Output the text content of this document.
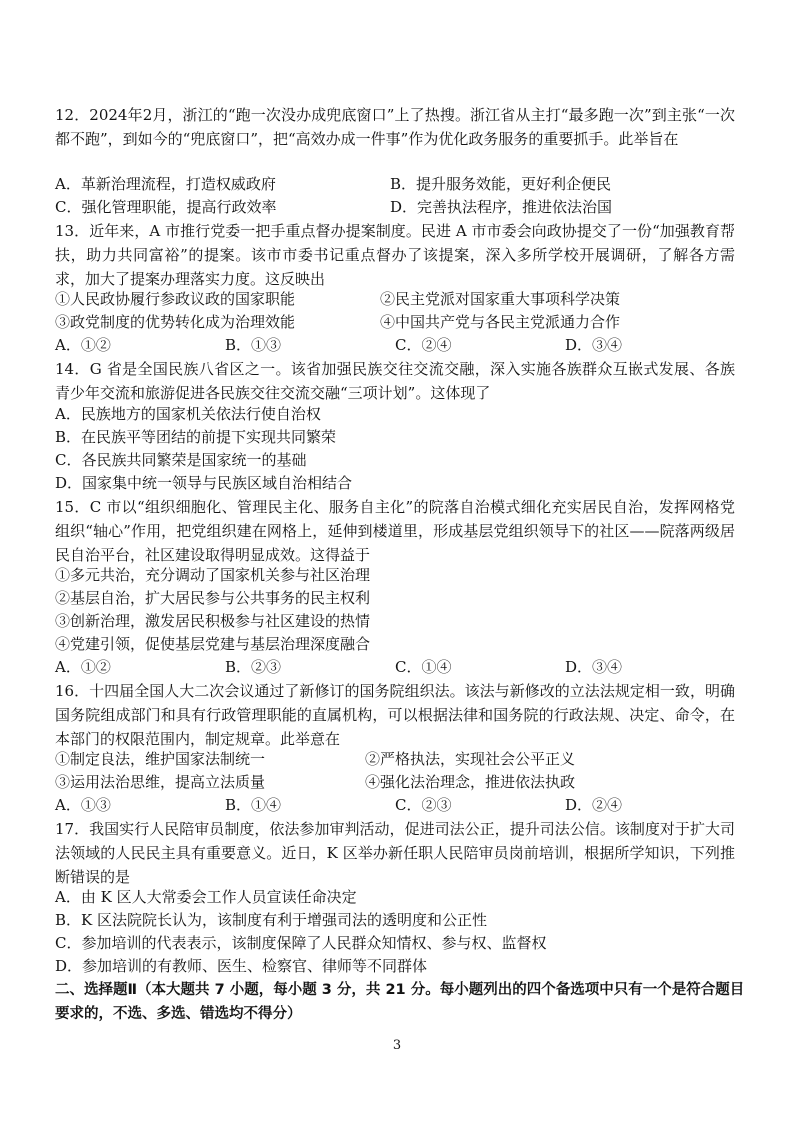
12．2024年2月，浙江的“跑一次没办成兜底窗口”上了热搜。浙江省从主打“最多跑一次”到主张“一次都不跑”，到如今的“兜底窗口”，把“高效办成一件事”作为优化政务服务的重要抓手。此举旨在
A．革新治理流程，打造权威政府	B．提升服务效能，更好利企便民
C．强化管理职能，提高行政效率	D．完善执法程序，推进依法治国
13．近年来，A 市推行党委一把手重点督办提案制度。民进 A 市市委会向政协提交了一份“加强教育帮扶，助力共同富裕”的提案。该市市委书记重点督办了该提案，深入多所学校开展调研，了解各方需求，加大了提案办理落实力度。这反映出
①人民政协履行参政议政的国家职能	②民主党派对国家重大事项科学决策
③政党制度的优势转化成为治理效能	④中国共产党与各民主党派通力合作
A．①②	B．①③	C．②④	D．③④
14．G 省是全国民族八省区之一。该省加强民族交往交流交融，深入实施各族群众互嵌式发展、各族青少年交流和旅游促进各民族交往交流交融“三项计划”。这体现了
A．民族地方的国家机关依法行使自治权
B．在民族平等团结的前提下实现共同繁荣
C．各民族共同繁荣是国家统一的基础
D．国家集中统一领导与民族区域自治相结合
15．C 市以“组织细胞化、管理民主化、服务自主化”的院落自治模式细化充实居民自治，发挥网格党组织“轴心”作用，把党组织建在网格上，延伸到楼道里，形成基层党组织领导下的社区——院落两级居民自治平台，社区建设取得明显成效。这得益于
①多元共治，充分调动了国家机关参与社区治理
②基层自治，扩大居民参与公共事务的民主权利
③创新治理，激发居民积极参与社区建设的热情
④党建引领，促使基层党建与基层治理深度融合
A．①②	B．②③	C．①④	D．③④
16．十四届全国人大二次会议通过了新修订的国务院组织法。该法与新修改的立法法规定相一致，明确国务院组成部门和具有行政管理职能的直属机构，可以根据法律和国务院的行政法规、决定、命令，在本部门的权限范围内，制定规章。此举意在
①制定良法，维护国家法制统一	②严格执法，实现社会公平正义
③运用法治思维，提高立法质量	④强化法治理念，推进依法执政
A．①③	B．①④	C．②③	D．②④
17．我国实行人民陪审员制度，依法参加审判活动，促进司法公正，提升司法公信。该制度对于扩大司法领域的人民民主具有重要意义。近日，K 区举办新任职人民陪审员岗前培训，根据所学知识，下列推断错误的是
A．由 K 区人大常委会工作人员宣读任命决定
B．K 区法院院长认为，该制度有利于增强司法的透明度和公正性
C．参加培训的代表表示，该制度保障了人民群众知情权、参与权、监督权
D．参加培训的有教师、医生、检察官、律师等不同群体
二、选择题Ⅱ（本大题共 7 小题，每小题 3 分，共 21 分。每小题列出的四个备选项中只有一个是符合题目要求的，不选、多选、错选均不得分）
3
